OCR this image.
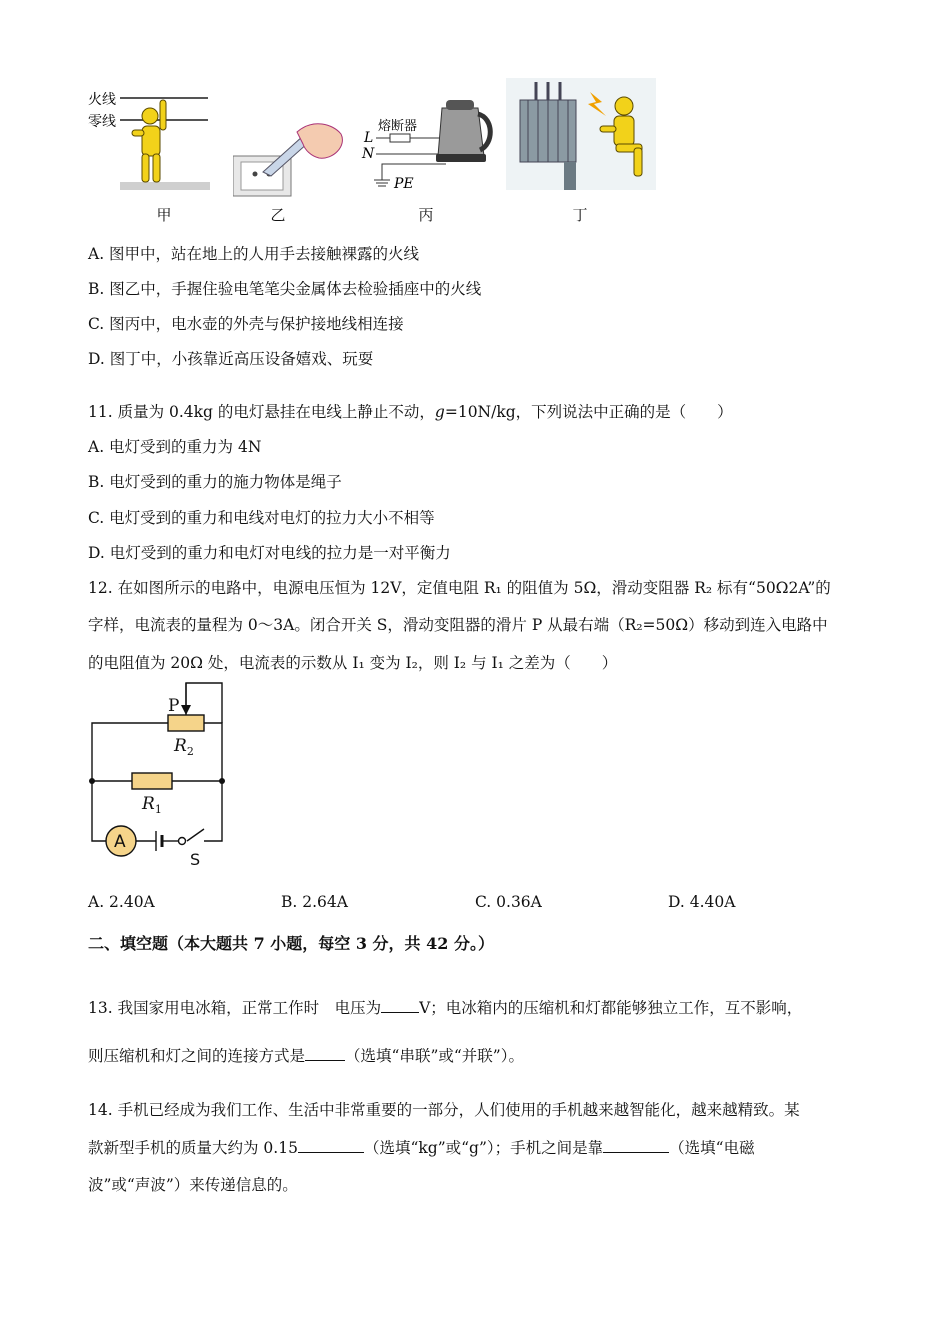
火线
零线
甲	乙
熔断器
L
N
PE
丙	丁
A. 图甲中，站在地上的人用手去接触裸露的火线
B. 图乙中，手握住验电笔笔尖金属体去检验插座中的火线
C. 图丙中，电水壶的外壳与保护接地线相连接
D. 图丁中，小孩靠近高压设备嬉戏、玩耍
11. 质量为 0.4kg 的电灯悬挂在电线上静止不动，g=10N/kg，下列说法中正确的是（　　）
A. 电灯受到的重力为 4N
B. 电灯受到的重力的施力物体是绳子
C. 电灯受到的重力和电线对电灯的拉力大小不相等
D. 电灯受到的重力和电灯对电线的拉力是一对平衡力
12. 在如图所示的电路中，电源电压恒为 12V，定值电阻 R₁ 的阻值为 5Ω，滑动变阻器 R₂ 标有“50Ω2A”的
字样，电流表的量程为 0～3A。闭合开关 S，滑动变阻器的滑片 P 从最右端（R₂=50Ω）移动到连入电路中
的电阻值为 20Ω 处，电流表的示数从 I₁ 变为 I₂，则 I₂ 与 I₁ 之差为（　　）
A
P
$R_2$
$R_1$
S
A. 2.40A	B. 2.64A	C. 0.36A	D. 4.40A
二、填空题（本大题共 7 小题，每空 3 分，共 42 分。）
13. 我国家用电冰箱，正常工作时　电压为 V；电冰箱内的压缩机和灯都能够独立工作，互不影响，
则压缩机和灯之间的连接方式是	（选填“串联”或“并联”）。
14. 手机已经成为我们工作、生活中非常重要的一部分，人们使用的手机越来越智能化，越来越精致。某
款新型手机的质量大约为 0.15	（选填“kg”或“g”）；手机之间是靠	（选填“电磁
波”或“声波”）来传递信息的。
